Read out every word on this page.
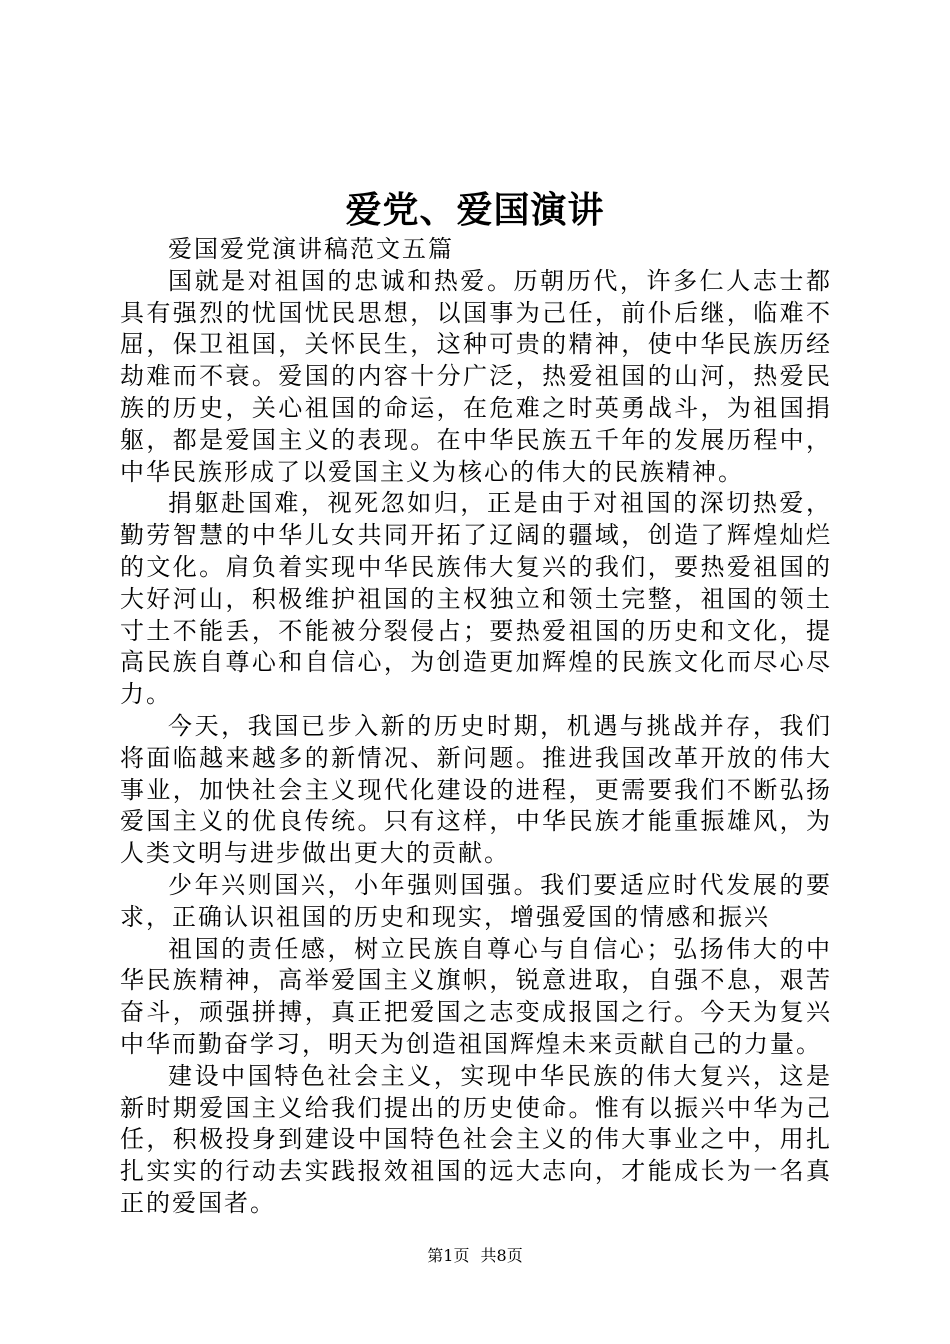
爱党、爱国演讲

爱国爱党演讲稿范文五篇

国就是对祖国的忠诚和热爱。历朝历代，许多仁人志士都具有强烈的忧国忧民思想，以国事为己任，前仆后继，临难不屈，保卫祖国，关怀民生，这种可贵的精神，使中华民族历经劫难而不衰。爱国的内容十分广泛，热爱祖国的山河，热爱民族的历史，关心祖国的命运，在危难之时英勇战斗，为祖国捐躯，都是爱国主义的表现。在中华民族五千年的发展历程中，中华民族形成了以爱国主义为核心的伟大的民族精神。

捐躯赴国难，视死忽如归，正是由于对祖国的深切热爱，勤劳智慧的中华儿女共同开拓了辽阔的疆域，创造了辉煌灿烂的文化。肩负着实现中华民族伟大复兴的我们，要热爱祖国的大好河山，积极维护祖国的主权独立和领土完整，祖国的领土寸土不能丢，不能被分裂侵占；要热爱祖国的历史和文化，提高民族自尊心和自信心，为创造更加辉煌的民族文化而尽心尽力。

今天，我国已步入新的历史时期，机遇与挑战并存，我们将面临越来越多的新情况、新问题。推进我国改革开放的伟大事业，加快社会主义现代化建设的进程，更需要我们不断弘扬爱国主义的优良传统。只有这样，中华民族才能重振雄风，为人类文明与进步做出更大的贡献。

少年兴则国兴，小年强则国强。我们要适应时代发展的要求，正确认识祖国的历史和现实，增强爱国的情感和振兴

祖国的责任感，树立民族自尊心与自信心；弘扬伟大的中华民族精神，高举爱国主义旗帜，锐意进取，自强不息，艰苦奋斗，顽强拼搏，真正把爱国之志变成报国之行。今天为复兴中华而勤奋学习，明天为创造祖国辉煌未来贡献自己的力量。

建设中国特色社会主义，实现中华民族的伟大复兴，这是新时期爱国主义给我们提出的历史使命。惟有以振兴中华为己任，积极投身到建设中国特色社会主义的伟大事业之中，用扎扎实实的行动去实践报效祖国的远大志向，才能成长为一名真正的爱国者。

第1页 共8页
